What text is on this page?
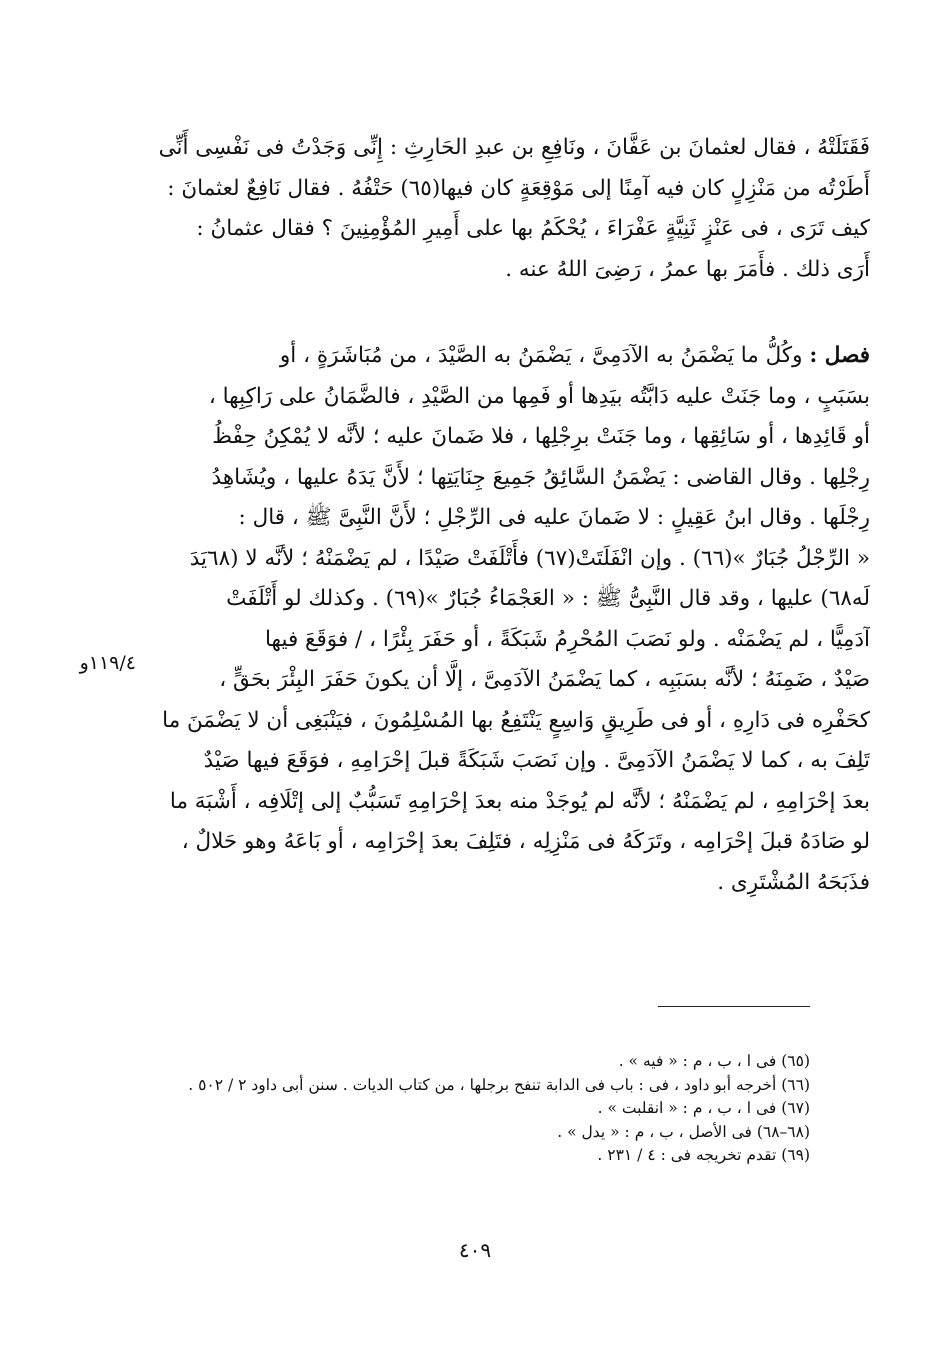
فَقَتَلَتْهُ ، فقال لعثمانَ بن عَفَّانَ ، ونَافِعِ بن عبدِ الحَارِثِ : إِنِّى وَجَدْتُ فى نَفْسِى أَنِّى
أَطَرْتُه من مَنْزِلٍ كان فيه آمِنًا إلى مَوْقِعَةٍ كان فيها(٦٥) حَتْفُهُ . فقال نَافِعٌ لعثمانَ :
كيف تَرَى ، فى عَنْزٍ ثَنِيَّةٍ عَفْرَاءَ ، يُحْكَمُ بها على أَمِيرِ المُؤْمِنِينَ ؟ فقال عثمانُ :
أَرَى ذلك . فأَمَرَ بها عمرُ ، رَضِىَ اللهُ عنه .
فصل : وكُلُّ ما يَضْمَنُ به الآدَمِىَّ ، يَضْمَنُ به الصَّيْدَ ، من مُبَاشَرَةٍ ، أو
بسَبَبٍ ، وما جَنَتْ عليه دَابَّتُه بيَدِها أو فَمِها من الصَّيْدِ ، فالضَّمَانُ على رَاكِبِها ،
أو قَائِدِها ، أو سَائِقِها ، وما جَنَتْ برِجْلِها ، فلا ضَمانَ عليه ؛ لأنَّه لا يُمْكِنُ حِفْظُ
رِجْلِها . وقال القاضى : يَضْمَنُ السَّائِقُ جَمِيعَ جِنَايَتِها ؛ لأَنَّ يَدَهُ عليها ، ويُشَاهِدُ
رِجْلَها . وقال ابنُ عَقِيلٍ : لا ضَمانَ عليه فى الرِّجْلِ ؛ لأَنَّ النَّبِىَّ ﷺ ، قال :
« الرِّجْلُ جُبَارٌ »(٦٦) . وإن انْفَلَتَتْ(٦٧) فأَتْلَفَتْ صَيْدًا ، لم يَضْمَنْهُ ؛ لأنَّه لا (٦٨يَدَ
لَه٦٨) عليها ، وقد قال النَّبِىُّ ﷺ : « العَجْمَاءُ جُبَارٌ »(٦٩) . وكذلك لو أَتْلَفَتْ
آدَمِيًّا ، لم يَضْمَنْه . ولو نَصَبَ المُحْرِمُ شَبَكَةً ، أو حَفَرَ بِئْرًا ، / فوَقَعَ فيها
صَيْدٌ ، ضَمِنَهُ ؛ لأنَّه بسَبَبِه ، كما يَضْمَنُ الآدَمِىَّ ، إلَّا أن يكونَ حَفَرَ البِئْرَ بحَقٍّ ،
كحَفْرِه فى دَارِهِ ، أو فى طَرِيقٍ وَاسِعٍ يَنْتَفِعُ بها المُسْلِمُونَ ، فيَنْبَغِى أن لا يَضْمَنَ ما
تَلِفَ به ، كما لا يَضْمَنُ الآدَمِىَّ . وإن نَصَبَ شَبَكَةً قبلَ إحْرَامِهِ ، فوَقَعَ فيها صَيْدٌ
بعدَ إحْرَامِهِ ، لم يَضْمَنْهُ ؛ لأنَّه لم يُوجَدْ منه بعدَ إحْرَامِهِ تَسَبُّبٌ إلى إتْلَافِه ، أَشْبَهَ ما
لو صَادَهُ قبلَ إحْرَامِه ، وتَرَكَهُ فى مَنْزِلِه ، فتَلِفَ بعدَ إحْرَامِه ، أو بَاعَهُ وهو حَلالٌ ،
فذَبَحَهُ المُشْتَرِى .
١١٩/٤و
(٦٥) فى ا ، ب ، م : « فيه » .
(٦٦) أخرجه أبو داود ، فى : باب فى الدابة تنفح برجلها ، من كتاب الديات . سنن أبى داود ٢ / ٥٠٢ .
(٦٧) فى ا ، ب ، م : « انقلبت » .
(٦٨–٦٨) فى الأصل ، ب ، م : « يدل » .
(٦٩) تقدم تخريجه فى : ٤ / ٢٣١ .
٤٠٩
